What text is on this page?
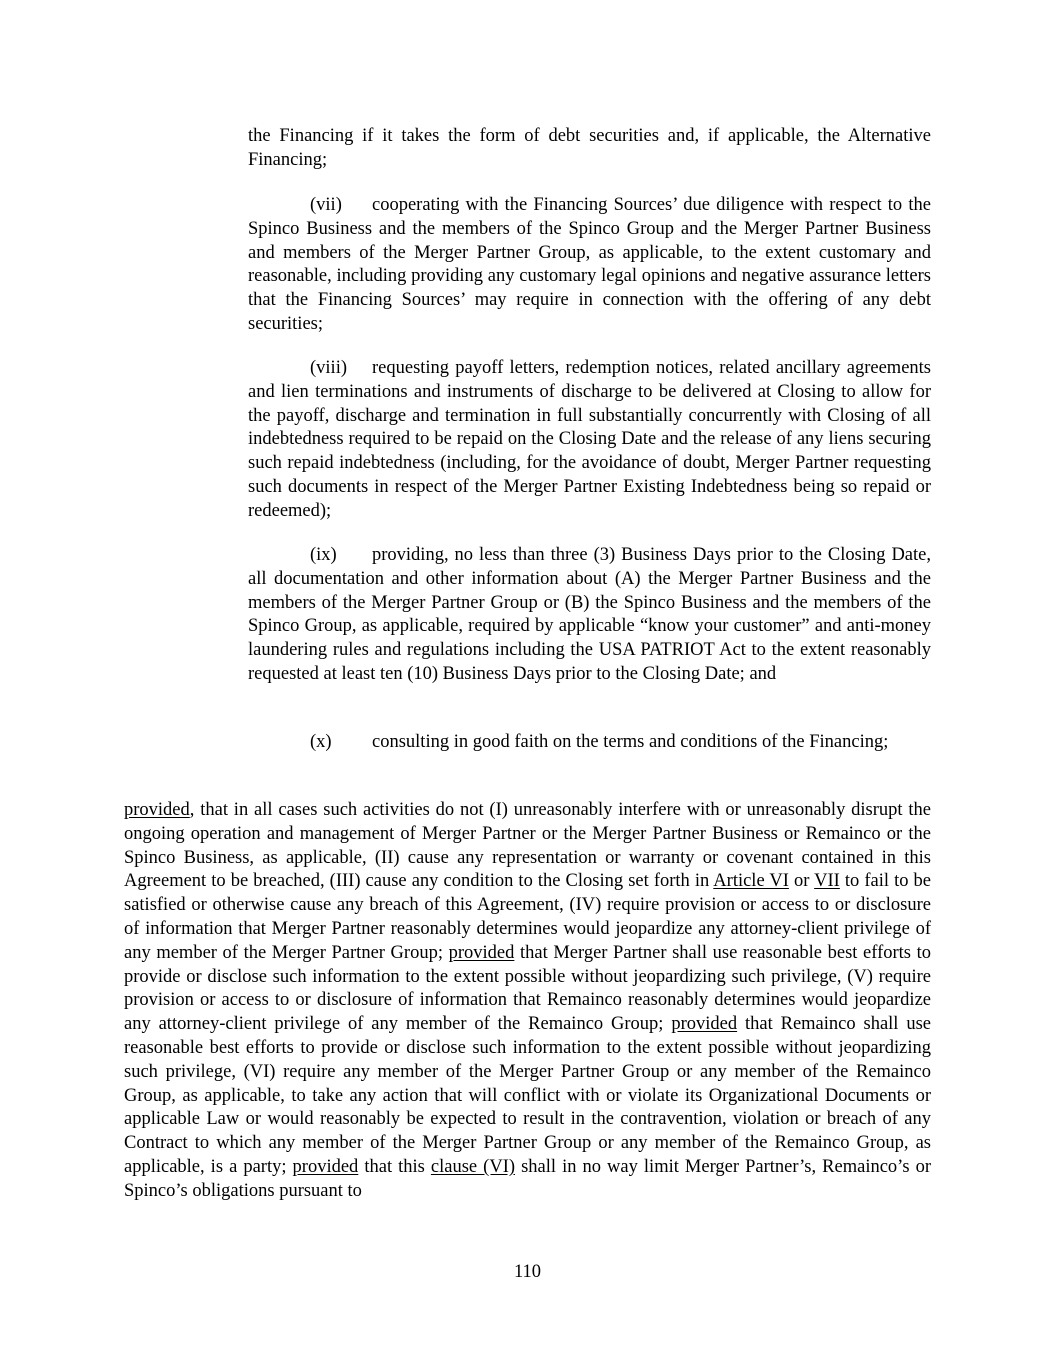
the Financing if it takes the form of debt securities and, if applicable, the Alternative Financing;

(vii) cooperating with the Financing Sources’ due diligence with respect to the Spinco Business and the members of the Spinco Group and the Merger Partner Business and members of the Merger Partner Group, as applicable, to the extent customary and reasonable, including providing any customary legal opinions and negative assurance letters that the Financing Sources’ may require in connection with the offering of any debt securities;

(viii) requesting payoff letters, redemption notices, related ancillary agreements and lien terminations and instruments of discharge to be delivered at Closing to allow for the payoff, discharge and termination in full substantially concurrently with Closing of all indebtedness required to be repaid on the Closing Date and the release of any liens securing such repaid indebtedness (including, for the avoidance of doubt, Merger Partner requesting such documents in respect of the Merger Partner Existing Indebtedness being so repaid or redeemed);

(ix) providing, no less than three (3) Business Days prior to the Closing Date, all documentation and other information about (A) the Merger Partner Business and the members of the Merger Partner Group or (B) the Spinco Business and the members of the Spinco Group, as applicable, required by applicable “know your customer” and anti-money laundering rules and regulations including the USA PATRIOT Act to the extent reasonably requested at least ten (10) Business Days prior to the Closing Date; and

(x) consulting in good faith on the terms and conditions of the Financing;

provided, that in all cases such activities do not (I) unreasonably interfere with or unreasonably disrupt the ongoing operation and management of Merger Partner or the Merger Partner Business or Remainco or the Spinco Business, as applicable, (II) cause any representation or warranty or covenant contained in this Agreement to be breached, (III) cause any condition to the Closing set forth in Article VI or VII to fail to be satisfied or otherwise cause any breach of this Agreement, (IV) require provision or access to or disclosure of information that Merger Partner reasonably determines would jeopardize any attorney-client privilege of any member of the Merger Partner Group; provided that Merger Partner shall use reasonable best efforts to provide or disclose such information to the extent possible without jeopardizing such privilege, (V) require provision or access to or disclosure of information that Remainco reasonably determines would jeopardize any attorney-client privilege of any member of the Remainco Group; provided that Remainco shall use reasonable best efforts to provide or disclose such information to the extent possible without jeopardizing such privilege, (VI) require any member of the Merger Partner Group or any member of the Remainco Group, as applicable, to take any action that will conflict with or violate its Organizational Documents or applicable Law or would reasonably be expected to result in the contravention, violation or breach of any Contract to which any member of the Merger Partner Group or any member of the Remainco Group, as applicable, is a party; provided that this clause (VI) shall in no way limit Merger Partner’s, Remainco’s or Spinco’s obligations pursuant to

110
